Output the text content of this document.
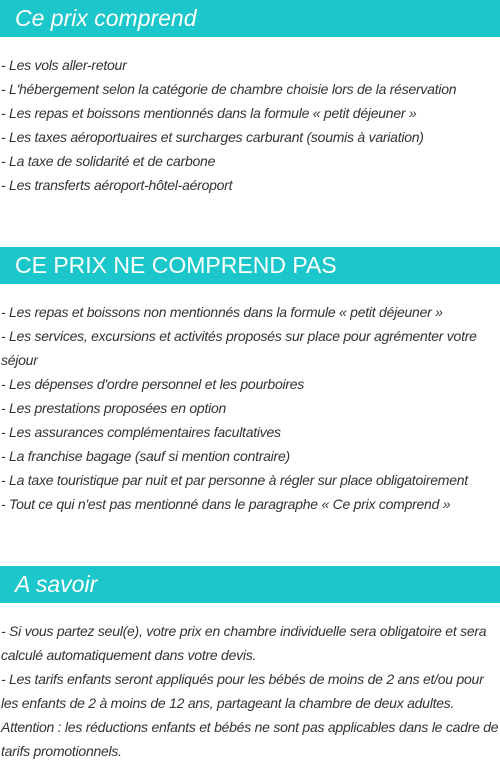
Ce prix comprend
- Les vols aller-retour
- L'hébergement selon la catégorie de chambre choisie lors de la réservation
- Les repas et boissons mentionnés dans la formule « petit déjeuner »
- Les taxes aéroportuaires et surcharges carburant (soumis à variation)
- La taxe de solidarité et de carbone
- Les transferts aéroport-hôtel-aéroport
CE PRIX NE COMPREND PAS
- Les repas et boissons non mentionnés dans la formule « petit déjeuner »
- Les services, excursions et activités proposés sur place pour agrémenter votre séjour
- Les dépenses d'ordre personnel et les pourboires
- Les prestations proposées en option
- Les assurances complémentaires facultatives
- La franchise bagage (sauf si mention contraire)
- La taxe touristique par nuit et par personne à régler sur place obligatoirement
- Tout ce qui n'est pas mentionné dans le paragraphe « Ce prix comprend »
A savoir
- Si vous partez seul(e), votre prix en chambre individuelle sera obligatoire et sera calculé automatiquement dans votre devis.
- Les tarifs enfants seront appliqués pour les bébés de moins de 2 ans et/ou pour les enfants de 2 à moins de 12 ans, partageant la chambre de deux adultes.
Attention : les réductions enfants et bébés ne sont pas applicables dans le cadre de tarifs promotionnels.
